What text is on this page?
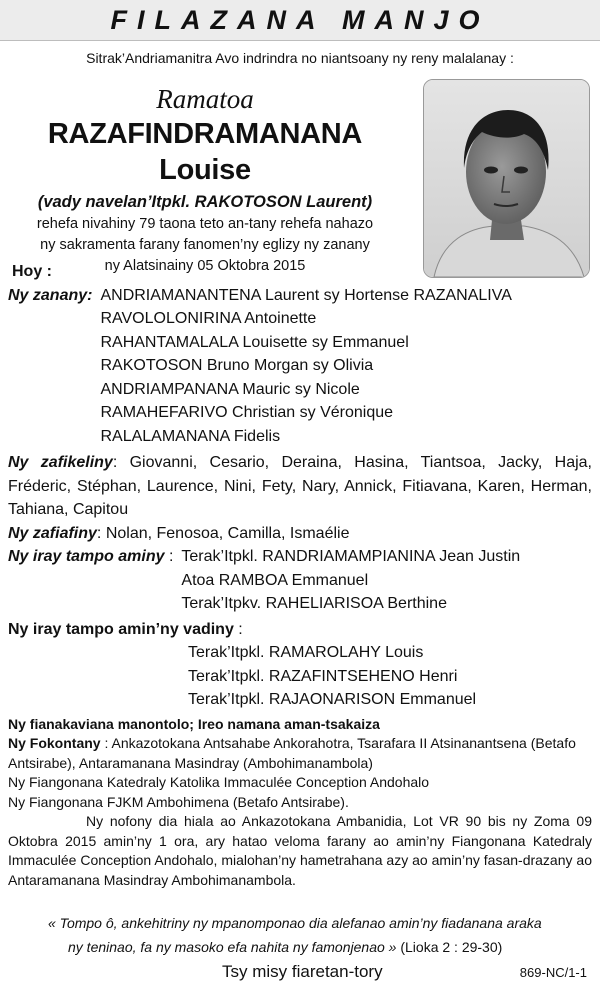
FILAZANA MANJO
Sitrak’Andriamanitra Avo indrindra no niantsoany ny reny malalanay :
Ramatoa
RAZAFINDRAMANANA Louise
(vady navelan’Itpkl. RAKOTOSON Laurent)
rehefa nivahiny 79 taona teto an-tany rehefa nahazo
ny sakramenta farany fanomen’ny eglizy ny zanany
ny Alatsinainy 05 Oktobra 2015
Hoy :
Ny zanany: ANDRIAMANANTENA Laurent sy Hortense RAZANALIVA
RAVOLOLONIRINA Antoinette
RAHANTAMALALA Louisette sy Emmanuel
RAKOTOSON Bruno Morgan sy Olivia
ANDRIAMPANANA Mauric sy Nicole
RAMAHEFARIVO Christian sy Véronique
RALALAMANANA Fidelis
Ny zafikeliny: Giovanni, Cesario, Deraina, Hasina, Tiantsoa, Jacky, Haja, Fréderic, Stéphan, Laurence, Nini, Fety, Nary, Annick, Fitiavana, Karen, Herman, Tahiana, Capitou
Ny zafiafiny: Nolan, Fenosoa, Camilla, Ismaélie
Ny iray tampo aminy : Terak’Itpkl. RANDRIAMAMPIANINA Jean Justin
Atoa RAMBOA Emmanuel
Terak’Itpkv. RAHELIARISOA Berthine
Ny iray tampo amin’ny vadiny :
Terak’Itpkl. RAMAROLAHY Louis
Terak’Itpkl. RAZAFINTSEHENO Henri
Terak’Itpkl. RAJAONARISON Emmanuel
Ny fianakaviana manontolo; Ireo namana aman-tsakaiza
Ny Fokontany : Ankazotokana Antsahabe Ankorahotra, Tsarafara II Atsinanantsena (Betafo Antsirabe), Antaramanana Masindray (Ambohimanambola)
Ny Fiangonana Katedraly Katolika Immaculée Conception Andohalo
Ny Fiangonana FJKM Ambohimena (Betafo Antsirabe).
Ny nofony dia hiala ao Ankazotokana Ambanidia, Lot VR 90 bis ny Zoma 09 Oktobra 2015 amin’ny 1 ora, ary hatao veloma farany ao amin’ny Fiangonana Katedraly Immaculée Conception Andohalo, mialohan’ny hametrahana azy ao amin’ny fasan-drazany ao Antaramanana Masindray Ambohimanambola.
« Tompo ô, ankehitriny ny mpanomponao dia alefanao amin’ny fiadanana araka
ny teninao, fa ny masoko efa nahita ny famonjenao » (Lioka 2 : 29-30)
Tsy misy fiaretan-tory	869-NC/1-1
